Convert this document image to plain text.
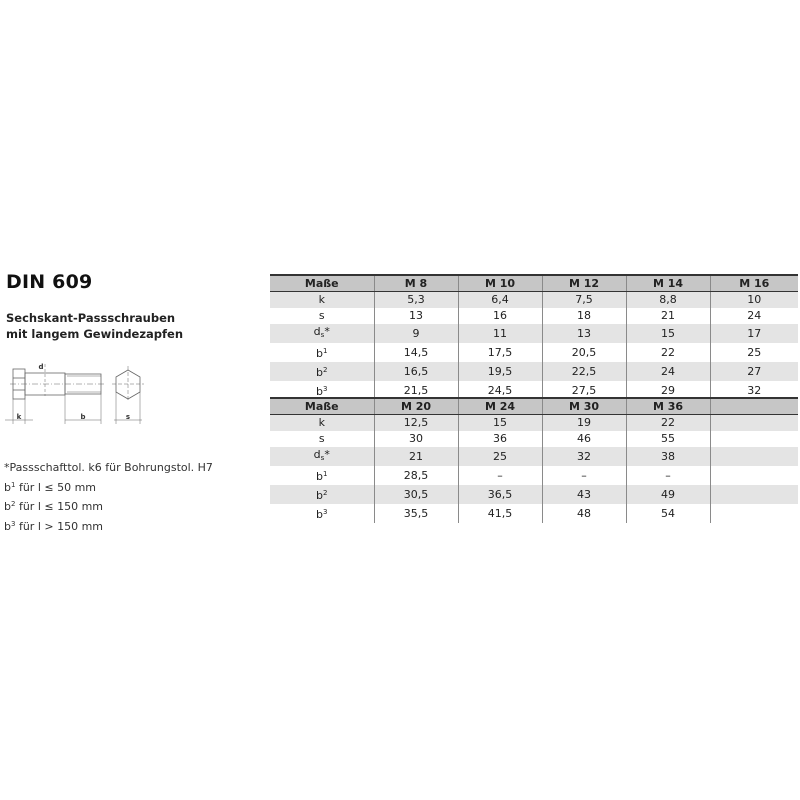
DIN 609
Sechskant-Passschrauben
mit langem Gewindezapfen
k	b	s
d
*Passschafttol. k6 für Bohrungstol. H7
$b^1$ für l ≤ 50 mm
$b^2$ für l ≤ 150 mm
$b^3$ für l > 150 mm
Maße	M 8	M 10	M 12	M 14	M 16
k	5,3	6,4	7,5	8,8	10
s	13	16	18	21	24
$d_s*$	9	11	13	15	17
$b^1$	14,5	17,5	20,5	22	25
$b^2$	16,5	19,5	22,5	24	27
$b^3$	21,5	24,5	27,5	29	32
Maße	M 20	M 24	M 30	M 36	
k	12,5	15	19	22	
s	30	36	46	55	
$d_s*$	21	25	32	38	
$b^1$	28,5	–	–	–	
$b^2$	30,5	36,5	43	49	
$b^3$	35,5	41,5	48	54	
